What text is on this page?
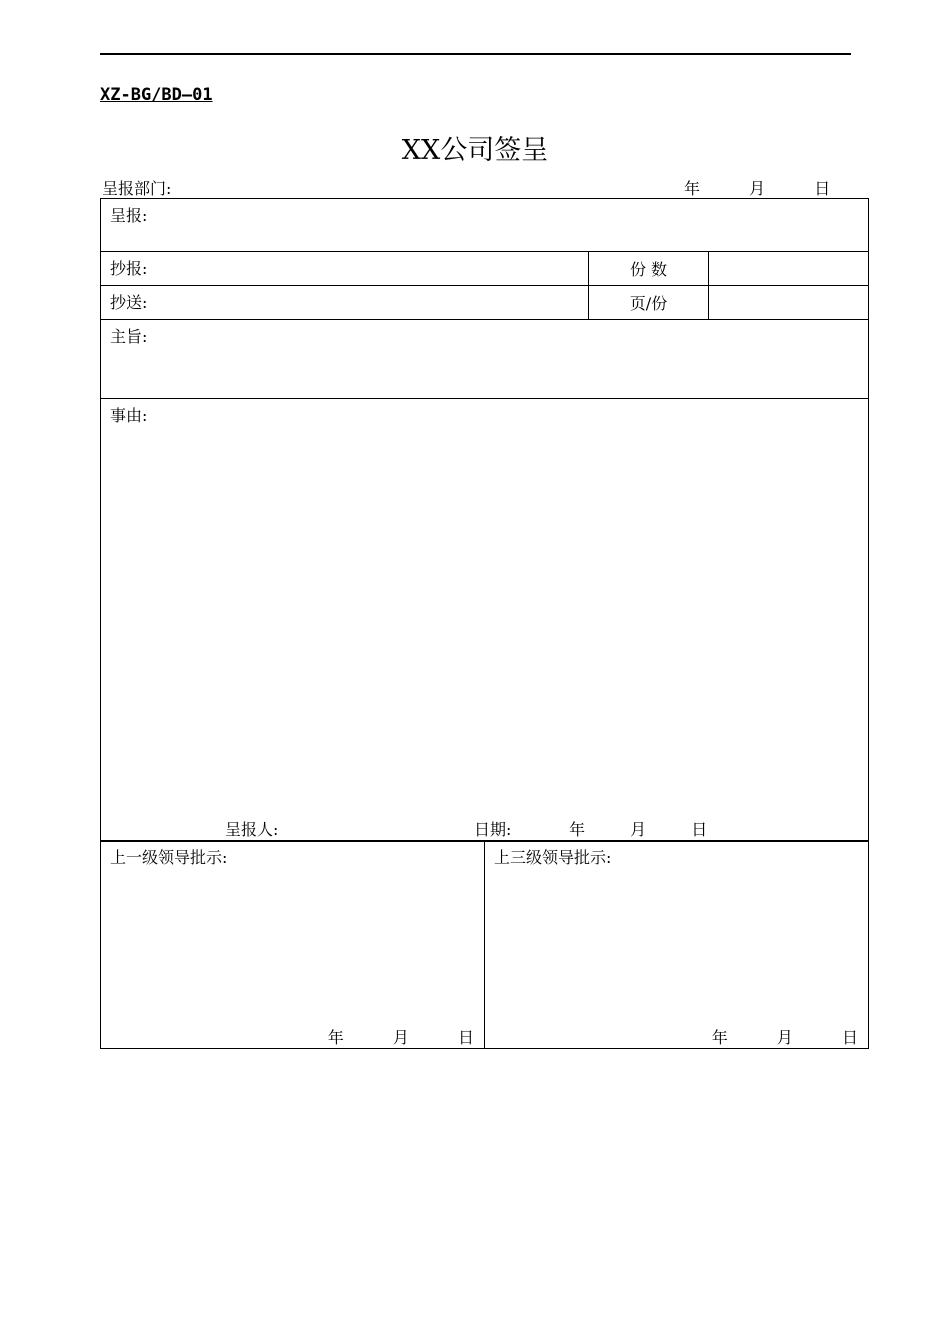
XZ-BG/BD—01
XX公司签呈
呈报部门:	年	月	日
呈报:		
抄报:	份 数	
抄送:	页/份	
主旨:		
事由:
呈报人: 日期: 年 月 日		
上一级领导批示:
年	月	日
	上三级领导批示:
年	月	日
